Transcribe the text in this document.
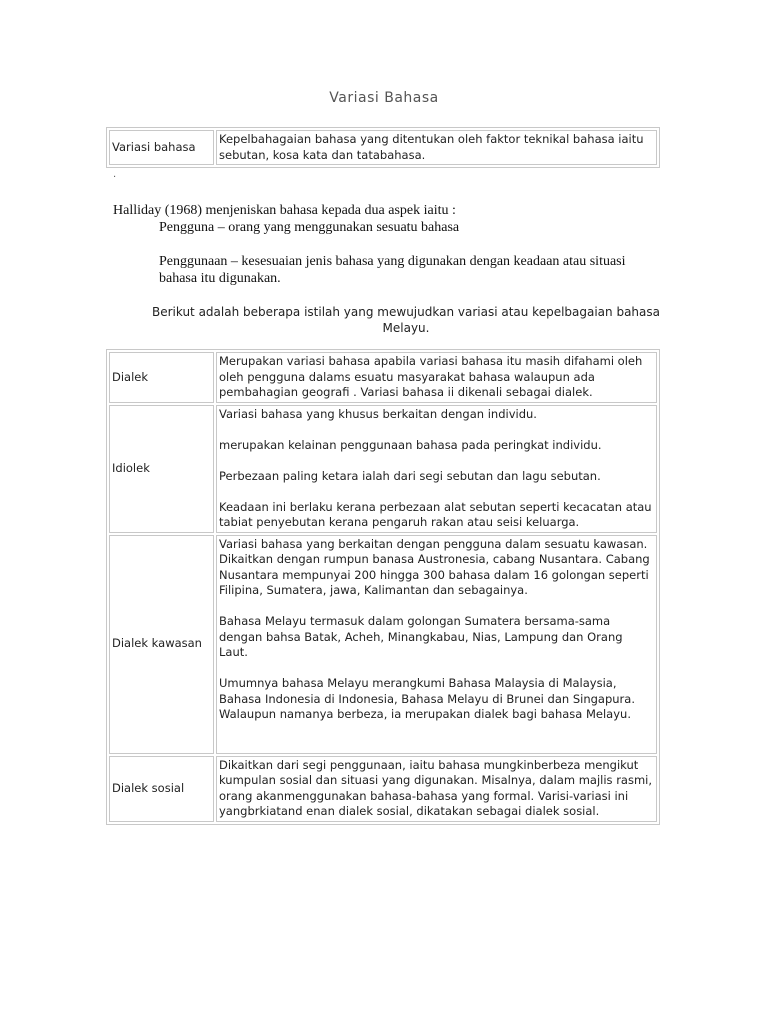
Variasi Bahasa
Variasi bahasa	Kepelbahagaian bahasa yang ditentukan oleh faktor teknikal bahasa iaitu sebutan, kosa kata dan tatabahasa.
.
Halliday (1968) menjeniskan bahasa kepada dua aspek iaitu :
Pengguna – orang yang menggunakan sesuatu bahasa
Penggunaan – kesesuaian jenis bahasa yang digunakan dengan keadaan atau situasi bahasa itu digunakan.
Berikut adalah beberapa istilah yang mewujudkan variasi atau kepelbagaian bahasa Melayu.
Dialek	Merupakan variasi bahasa apabila variasi bahasa itu masih difahami oleh oleh pengguna dalams esuatu masyarakat bahasa walaupun ada pembahagian geografi . Variasi bahasa ii dikenali sebagai dialek.

Idiolek	Variasi bahasa yang khusus berkaitan dengan individu.

merupakan kelainan penggunaan bahasa pada peringkat individu.

Perbezaan paling ketara ialah dari segi sebutan dan lagu sebutan.

Keadaan ini berlaku kerana perbezaan alat sebutan seperti kecacatan atau tabiat penyebutan kerana pengaruh rakan atau seisi keluarga.

Dialek kawasan	Variasi bahasa yang berkaitan dengan pengguna dalam sesuatu kawasan. Dikaitkan dengan rumpun banasa Austronesia, cabang Nusantara. Cabang Nusantara mempunyai 200 hingga 300 bahasa dalam 16 golongan seperti Filipina, Sumatera, jawa, Kalimantan dan sebagainya.

Bahasa Melayu termasuk dalam golongan Sumatera bersama-sama dengan bahsa Batak, Acheh, Minangkabau, Nias, Lampung dan Orang Laut.

Umumnya bahasa Melayu merangkumi Bahasa Malaysia di Malaysia, Bahasa Indonesia di Indonesia, Bahasa Melayu di Brunei dan Singapura. Walaupun namanya berbeza, ia merupakan dialek bagi bahasa Melayu.

Dialek sosial	Dikaitkan dari segi penggunaan, iaitu bahasa mungkinberbeza mengikut kumpulan sosial dan situasi yang digunakan. Misalnya, dalam majlis rasmi, orang akanmenggunakan bahasa-bahasa yang formal. Varisi-variasi ini yangbrkiatand enan dialek sosial, dikatakan sebagai dialek sosial.
